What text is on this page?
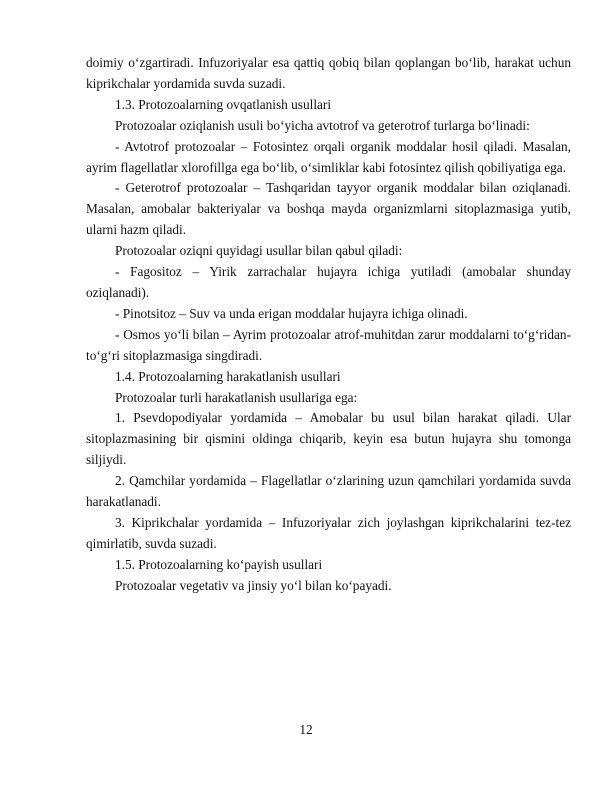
doimiy o‘zgartiradi. Infuzoriyalar esa qattiq qobiq bilan qoplangan bo‘lib, harakat uchun kiprikchalar yordamida suvda suzadi.

1.3. Protozoalarning ovqatlanish usullari

Protozoalar oziqlanish usuli bo‘yicha avtotrof va geterotrof turlarga bo‘linadi:

- Avtotrof protozoalar – Fotosintez orqali organik moddalar hosil qiladi. Masalan, ayrim flagellatlar xlorofillga ega bo‘lib, o‘simliklar kabi fotosintez qilish qobiliyatiga ega.

- Geterotrof protozoalar – Tashqaridan tayyor organik moddalar bilan oziqlanadi. Masalan, amobalar bakteriyalar va boshqa mayda organizmlarni sitoplazmasiga yutib, ularni hazm qiladi.

Protozoalar oziqni quyidagi usullar bilan qabul qiladi:

- Fagositoz – Yirik zarrachalar hujayra ichiga yutiladi (amobalar shunday oziqlanadi).

- Pinotsitoz – Suv va unda erigan moddalar hujayra ichiga olinadi.

- Osmos yo‘li bilan – Ayrim protozoalar atrof-muhitdan zarur moddalarni to‘g‘ridan-to‘g‘ri sitoplazmasiga singdiradi.

1.4. Protozoalarning harakatlanish usullari

Protozoalar turli harakatlanish usullariga ega:

1. Psevdopodiyalar yordamida – Amobalar bu usul bilan harakat qiladi. Ular sitoplazmasining bir qismini oldinga chiqarib, keyin esa butun hujayra shu tomonga siljiydi.

2. Qamchilar yordamida – Flagellatlar o‘zlarining uzun qamchilari yordamida suvda harakatlanadi.

3. Kiprikchalar yordamida – Infuzoriyalar zich joylashgan kiprikchalarini tez-tez qimirlatib, suvda suzadi.

1.5. Protozoalarning ko‘payish usullari

Protozoalar vegetativ va jinsiy yo‘l bilan ko‘payadi.

12
